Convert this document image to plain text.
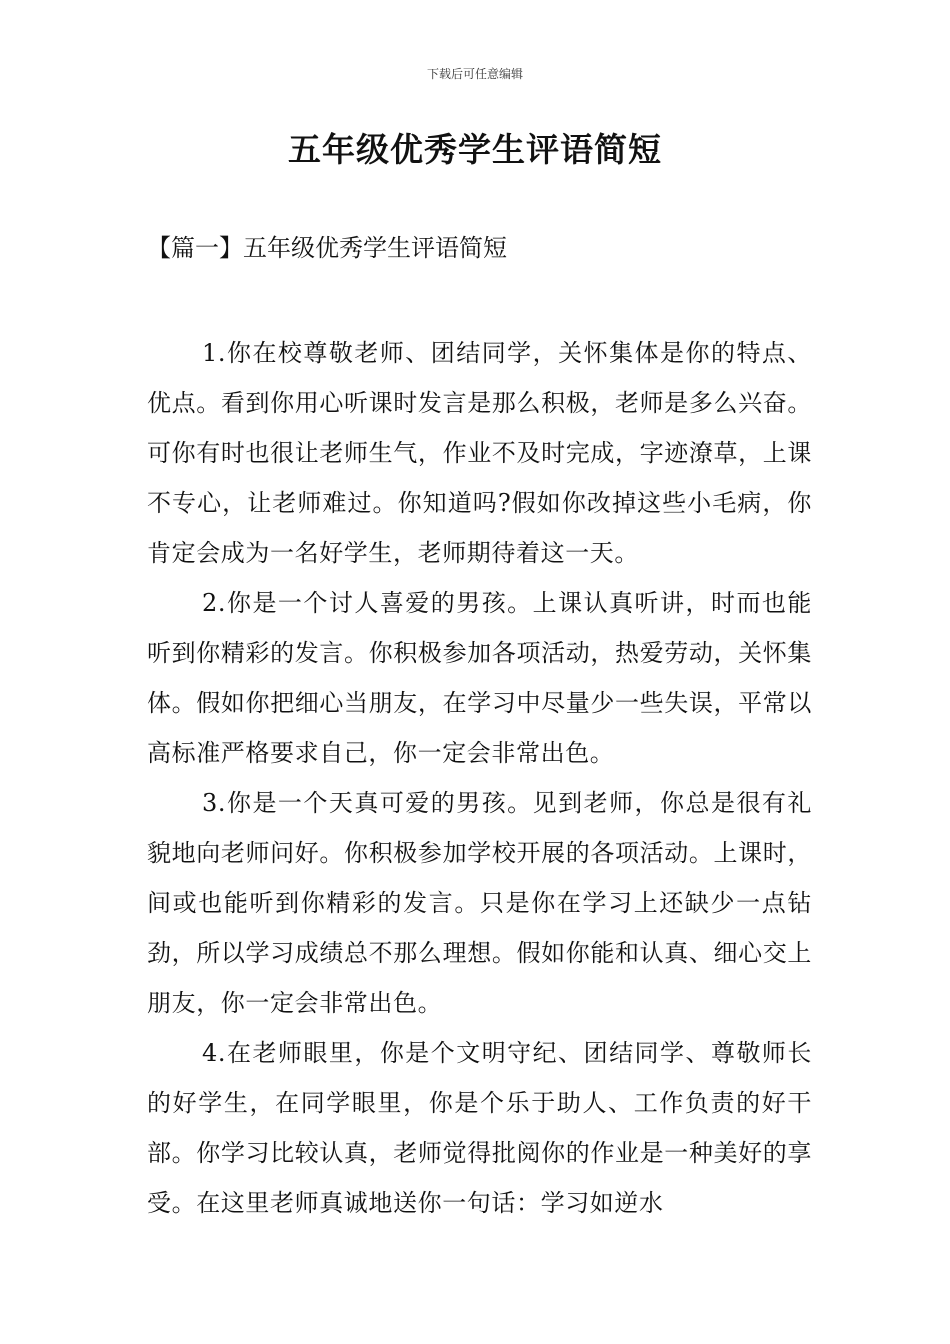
下载后可任意编辑
五年级优秀学生评语简短
【篇一】五年级优秀学生评语简短

1.你在校尊敬老师、团结同学，关怀集体是你的特点、优点。看到你用心听课时发言是那么积极，老师是多么兴奋。可你有时也很让老师生气，作业不及时完成，字迹潦草，上课不专心，让老师难过。你知道吗?假如你改掉这些小毛病，你肯定会成为一名好学生，老师期待着这一天。

2.你是一个讨人喜爱的男孩。上课认真听讲，时而也能听到你精彩的发言。你积极参加各项活动，热爱劳动，关怀集体。假如你把细心当朋友，在学习中尽量少一些失误，平常以高标准严格要求自己，你一定会非常出色。

3.你是一个天真可爱的男孩。见到老师，你总是很有礼貌地向老师问好。你积极参加学校开展的各项活动。上课时，间或也能听到你精彩的发言。只是你在学习上还缺少一点钻劲，所以学习成绩总不那么理想。假如你能和认真、细心交上朋友，你一定会非常出色。

4.在老师眼里，你是个文明守纪、团结同学、尊敬师长的好学生，在同学眼里，你是个乐于助人、工作负责的好干部。你学习比较认真，老师觉得批阅你的作业是一种美好的享受。在这里老师真诚地送你一句话：学习如逆水
